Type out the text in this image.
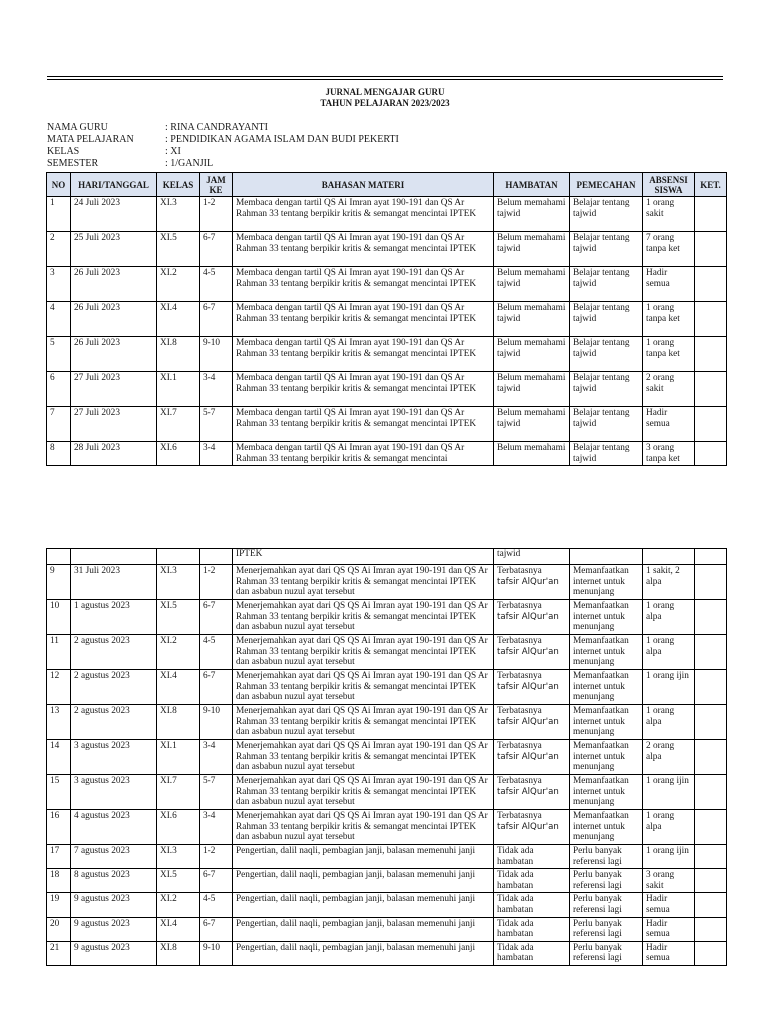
JURNAL MENGAJAR GURU
TAHUN PELAJARAN 2023/2023
NAMA GURU	: RINA CANDRAYANTI
MATA PELAJARAN	: PENDIDIKAN AGAMA ISLAM DAN BUDI PEKERTI
KELAS	: XI
SEMESTER	: 1/GANJIL
NO	HARI/TANGGAL	KELAS	JAM KE	BAHASAN MATERI	HAMBATAN	PEMECAHAN	ABSENSI SISWA	KET.
1	24 Juli 2023	XI.3	1-2	Membaca dengan tartil QS Ai Imran ayat 190-191 dan QS Ar Rahman 33 tentang berpikir kritis & semangat mencintai IPTEK	Belum memahami tajwid	Belajar tentang tajwid	1 orang sakit	
2	25 Juli 2023	XI.5	6-7	Membaca dengan tartil QS Ai Imran ayat 190-191 dan QS Ar Rahman 33 tentang berpikir kritis & semangat mencintai IPTEK	Belum memahami tajwid	Belajar tentang tajwid	7 orang tanpa ket	
3	26 Juli 2023	XI.2	4-5	Membaca dengan tartil QS Ai Imran ayat 190-191 dan QS Ar Rahman 33 tentang berpikir kritis & semangat mencintai IPTEK	Belum memahami tajwid	Belajar tentang tajwid	Hadir semua	
4	26 Juli 2023	XI.4	6-7	Membaca dengan tartil QS Ai Imran ayat 190-191 dan QS Ar Rahman 33 tentang berpikir kritis & semangat mencintai IPTEK	Belum memahami tajwid	Belajar tentang tajwid	1 orang tanpa ket	
5	26 Juli 2023	XI.8	9-10	Membaca dengan tartil QS Ai Imran ayat 190-191 dan QS Ar Rahman 33 tentang berpikir kritis & semangat mencintai IPTEK	Belum memahami tajwid	Belajar tentang tajwid	1 orang tanpa ket	
6	27 Juli 2023	XI.1	3-4	Membaca dengan tartil QS Ai Imran ayat 190-191 dan QS Ar Rahman 33 tentang berpikir kritis & semangat mencintai IPTEK	Belum memahami tajwid	Belajar tentang tajwid	2 orang sakit	
7	27 Juli 2023	XI.7	5-7	Membaca dengan tartil QS Ai Imran ayat 190-191 dan QS Ar Rahman 33 tentang berpikir kritis & semangat mencintai IPTEK	Belum memahami tajwid	Belajar tentang tajwid	Hadir semua	
8	28 Juli 2023	XI.6	3-4	Membaca dengan tartil QS Ai Imran ayat 190-191 dan QS Ar Rahman 33 tentang berpikir kritis & semangat mencintai	Belum memahami	Belajar tentang tajwid	3 orang tanpa ket	
				IPTEK	tajwid			
9	31 Juli 2023	XI.3	1-2	Menerjemahkan ayat dari QS QS Ai Imran ayat 190-191 dan QS Ar Rahman 33 tentang berpikir kritis & semangat mencintai IPTEK dan asbabun nuzul ayat tersebut	Terbatasnya tafsir AlQur'an	Memanfaatkan internet untuk menunjang	1 sakit, 2 alpa	
10	1 agustus 2023	XI.5	6-7	Menerjemahkan ayat dari QS QS Ai Imran ayat 190-191 dan QS Ar Rahman 33 tentang berpikir kritis & semangat mencintai IPTEK dan asbabun nuzul ayat tersebut	Terbatasnya tafsir AlQur'an	Memanfaatkan internet untuk menunjang	1 orang alpa	
11	2 agustus 2023	XI.2	4-5	Menerjemahkan ayat dari QS QS Ai Imran ayat 190-191 dan QS Ar Rahman 33 tentang berpikir kritis & semangat mencintai IPTEK dan asbabun nuzul ayat tersebut	Terbatasnya tafsir AlQur'an	Memanfaatkan internet untuk menunjang	1 orang alpa	
12	2 agustus 2023	XI.4	6-7	Menerjemahkan ayat dari QS QS Ai Imran ayat 190-191 dan QS Ar Rahman 33 tentang berpikir kritis & semangat mencintai IPTEK dan asbabun nuzul ayat tersebut	Terbatasnya tafsir AlQur'an	Memanfaatkan internet untuk menunjang	1 orang ijin	
13	2 agustus 2023	XI.8	9-10	Menerjemahkan ayat dari QS QS Ai Imran ayat 190-191 dan QS Ar Rahman 33 tentang berpikir kritis & semangat mencintai IPTEK dan asbabun nuzul ayat tersebut	Terbatasnya tafsir AlQur'an	Memanfaatkan internet untuk menunjang	1 orang alpa	
14	3 agustus 2023	XI.1	3-4	Menerjemahkan ayat dari QS QS Ai Imran ayat 190-191 dan QS Ar Rahman 33 tentang berpikir kritis & semangat mencintai IPTEK dan asbabun nuzul ayat tersebut	Terbatasnya tafsir AlQur'an	Memanfaatkan internet untuk menunjang	2 orang alpa	
15	3 agustus 2023	XI.7	5-7	Menerjemahkan ayat dari QS QS Ai Imran ayat 190-191 dan QS Ar Rahman 33 tentang berpikir kritis & semangat mencintai IPTEK dan asbabun nuzul ayat tersebut	Terbatasnya tafsir AlQur'an	Memanfaatkan internet untuk menunjang	1 orang ijin	
16	4 agustus 2023	XI.6	3-4	Menerjemahkan ayat dari QS QS Ai Imran ayat 190-191 dan QS Ar Rahman 33 tentang berpikir kritis & semangat mencintai IPTEK dan asbabun nuzul ayat tersebut	Terbatasnya tafsir AlQur'an	Memanfaatkan internet untuk menunjang	1 orang alpa	
17	7 agustus 2023	XI.3	1-2	Pengertian, dalil naqli, pembagian janji, balasan memenuhi janji	Tidak ada hambatan	Perlu banyak referensi lagi	1 orang ijin	
18	8 agustus 2023	XI.5	6-7	Pengertian, dalil naqli, pembagian janji, balasan memenuhi janji	Tidak ada hambatan	Perlu banyak referensi lagi	3 orang sakit	
19	9 agustus 2023	XI.2	4-5	Pengertian, dalil naqli, pembagian janji, balasan memenuhi janji	Tidak ada hambatan	Perlu banyak referensi lagi	Hadir semua	
20	9 agustus 2023	XI.4	6-7	Pengertian, dalil naqli, pembagian janji, balasan memenuhi janji	Tidak ada hambatan	Perlu banyak referensi lagi	Hadir semua	
21	9 agustus 2023	XI.8	9-10	Pengertian, dalil naqli, pembagian janji, balasan memenuhi janji	Tidak ada hambatan	Perlu banyak referensi lagi	Hadir semua	
